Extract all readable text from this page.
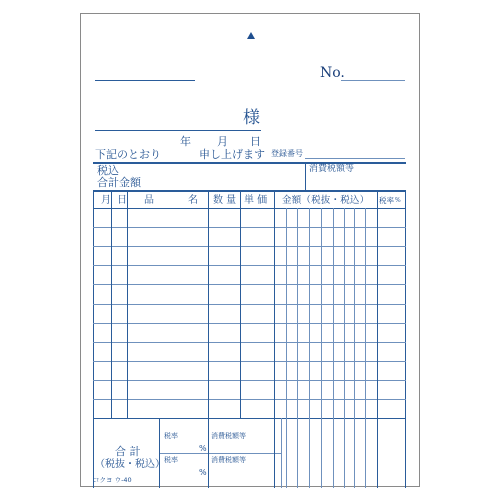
No.
様
年 月 日
下記のとおり	申し上げます 登録番号
税込
合計金額
消費税額等
月 日 品	名 数 量 単 価 金額（税抜・税込） 税率 %
合 計
（税抜・税込）
税率
%
消費税額等
税率
%
消費税額等
コクヨ ウ-40
